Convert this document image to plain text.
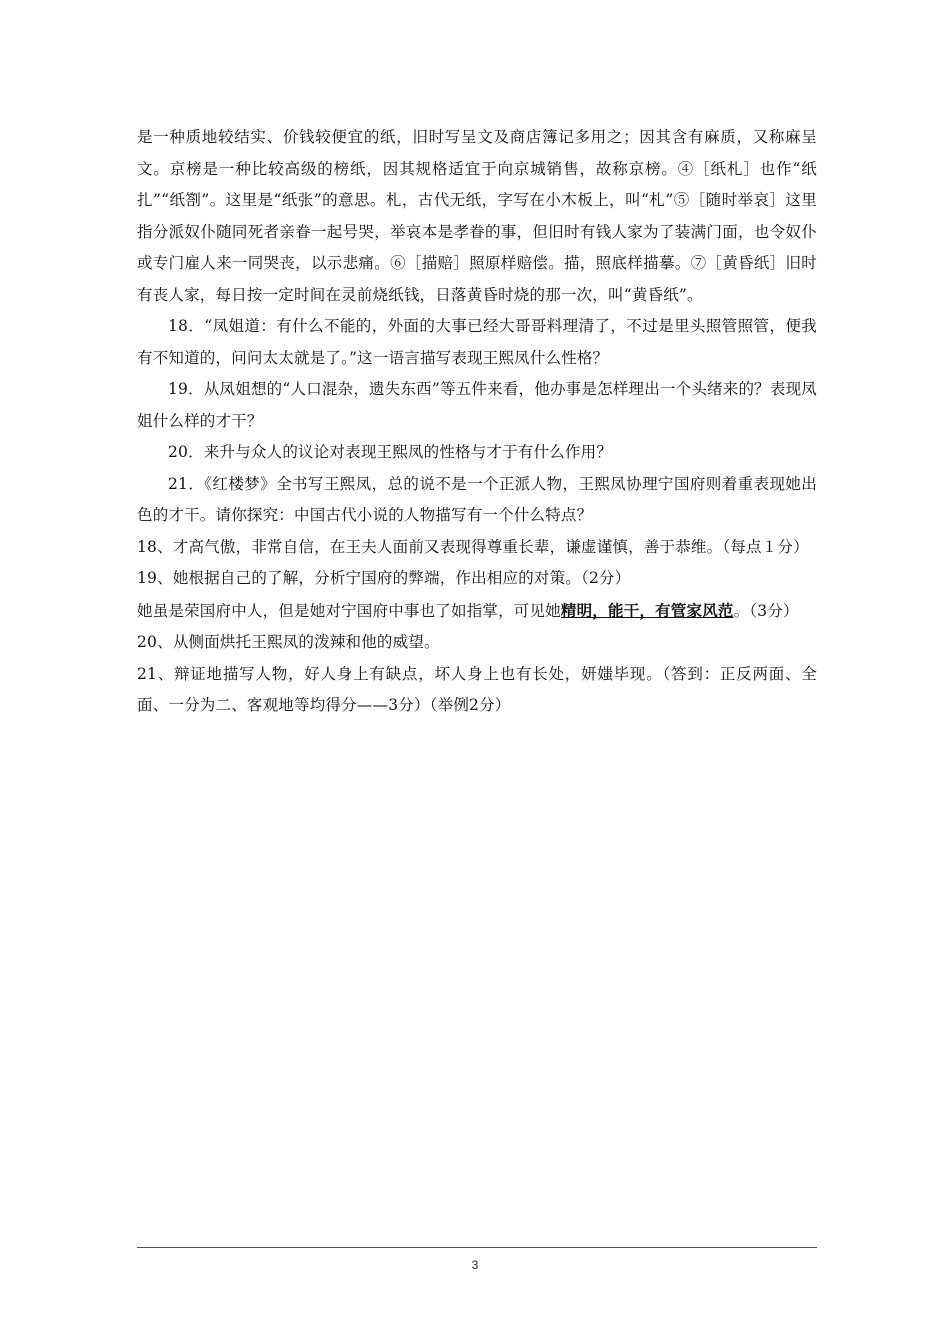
是一种质地较结实、价钱较便宜的纸，旧时写呈文及商店簿记多用之；因其含有麻质，又称麻呈文。京榜是一种比较高级的榜纸，因其规格适宜于向京城销售，故称京榜。④［纸札］也作“纸扎”“纸劄”。这里是“纸张”的意思。札，古代无纸，字写在小木板上，叫“札”⑤［随时举哀］这里指分派奴仆随同死者亲眷一起号哭，举哀本是孝眷的事，但旧时有钱人家为了装满门面，也令奴仆或专门雇人来一同哭丧，以示悲痛。⑥［描赔］照原样赔偿。描，照底样描摹。⑦［黄昏纸］旧时有丧人家，每日按一定时间在灵前烧纸钱，日落黄昏时烧的那一次，叫“黄昏纸”。

18．“凤姐道：有什么不能的，外面的大事已经大哥哥料理清了，不过是里头照管照管，便我有不知道的，问问太太就是了。”这一语言描写表现王熙凤什么性格？

19．从凤姐想的“人口混杂，遗失东西”等五件来看，他办事是怎样理出一个头绪来的？表现凤姐什么样的才干？

20．来升与众人的议论对表现王熙凤的性格与才于有什么作用？

21．《红楼梦》全书写王熙凤，总的说不是一个正派人物，王熙凤协理宁国府则着重表现她出色的才干。请你探究：中国古代小说的人物描写有一个什么特点？

18、才高气傲，非常自信，在王夫人面前又表现得尊重长辈，谦虚谨慎，善于恭维。（每点１分）

19、她根据自己的了解，分析宁国府的弊端，作出相应的对策。（2分）

她虽是荣国府中人，但是她对宁国府中事也了如指掌，可见她精明，能干，有管家风范。（3分）

20、从侧面烘托王熙凤的泼辣和他的威望。

21、辩证地描写人物，好人身上有缺点，坏人身上也有长处，妍媸毕现。（答到：正反两面、全面、一分为二、客观地等均得分——3分）（举例2分）

3
